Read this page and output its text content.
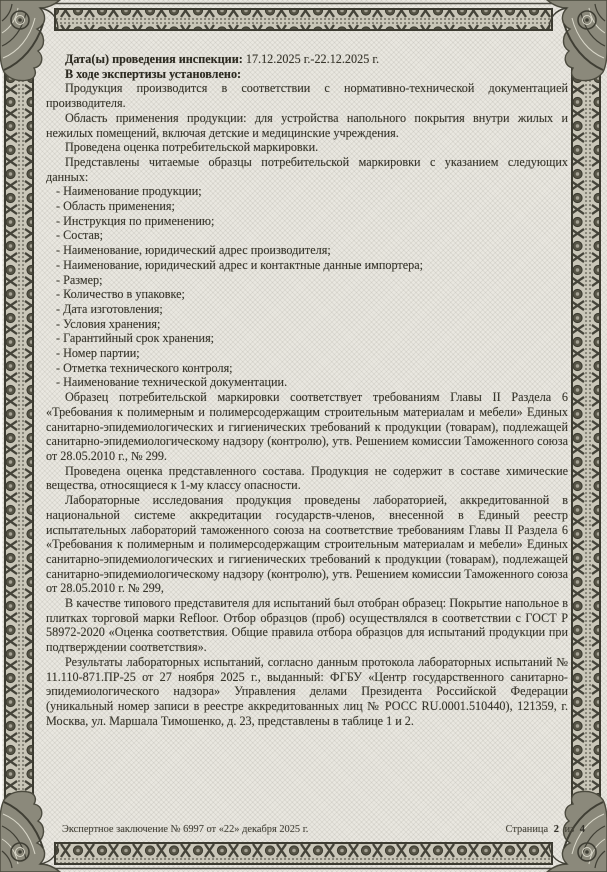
Дата(ы) проведения инспекции: 17.12.2025 г.-22.12.2025 г.

В ходе экспертизы установлено:

Продукция производится в соответствии с нормативно-технической документацией производителя.

Область применения продукции: для устройства напольного покрытия внутри жилых и нежилых помещений, включая детские и медицинские учреждения.

Проведена оценка потребительской маркировки.

Представлены читаемые образцы потребительской маркировки с указанием следующих данных:

- Наименование продукции;

- Область применения;

- Инструкция по применению;

- Состав;

- Наименование, юридический адрес производителя;

- Наименование, юридический адрес и контактные данные импортера;

- Размер;

- Количество в упаковке;

- Дата изготовления;

- Условия хранения;

- Гарантийный срок хранения;

- Номер партии;

- Отметка технического контроля;

- Наименование технической документации.

Образец потребительской маркировки соответствует требованиям Главы II Раздела 6 «Требования к полимерным и полимерсодержащим строительным материалам и мебели» Единых санитарно-эпидемиологических и гигиенических требований к продукции (товарам), подлежащей санитарно-эпидемиологическому надзору (контролю), утв. Решением комиссии Таможенного союза от 28.05.2010 г., № 299.

Проведена оценка представленного состава. Продукция не содержит в составе химические вещества, относящиеся к 1-му классу опасности.

Лабораторные исследования продукция проведены лабораторией, аккредитованной в национальной системе аккредитации государств-членов, внесенной в Единый реестр испытательных лабораторий таможенного союза на соответствие требованиям Главы II Раздела 6 «Требования к полимерным и полимерсодержащим строительным материалам и мебели» Единых санитарно-эпидемиологических и гигиенических требований к продукции (товарам), подлежащей санитарно-эпидемиологическому надзору (контролю), утв. Решением комиссии Таможенного союза от 28.05.2010 г. № 299,

В качестве типового представителя для испытаний был отобран образец: Покрытие напольное в плитках торговой марки Refloor. Отбор образцов (проб) осуществлялся в соответствии с ГОСТ Р 58972-2020 «Оценка соответствия. Общие правила отбора образцов для испытаний продукции при подтверждении соответствия».

Результаты лабораторных испытаний, согласно данным протокола лабораторных испытаний № 11.110-871.ПР-25 от 27 ноября 2025 г., выданный: ФГБУ «Центр государственного санитарно-эпидемиологического надзора» Управления делами Президента Российской Федерации (уникальный номер записи в реестре аккредитованных лиц № РОСС RU.0001.510440), 121359, г. Москва, ул. Маршала Тимошенко, д. 23, представлены в таблице 1 и 2.

Экспертное заключение № 6997 от «22» декабря 2025 г.	Страница 2 из 4
